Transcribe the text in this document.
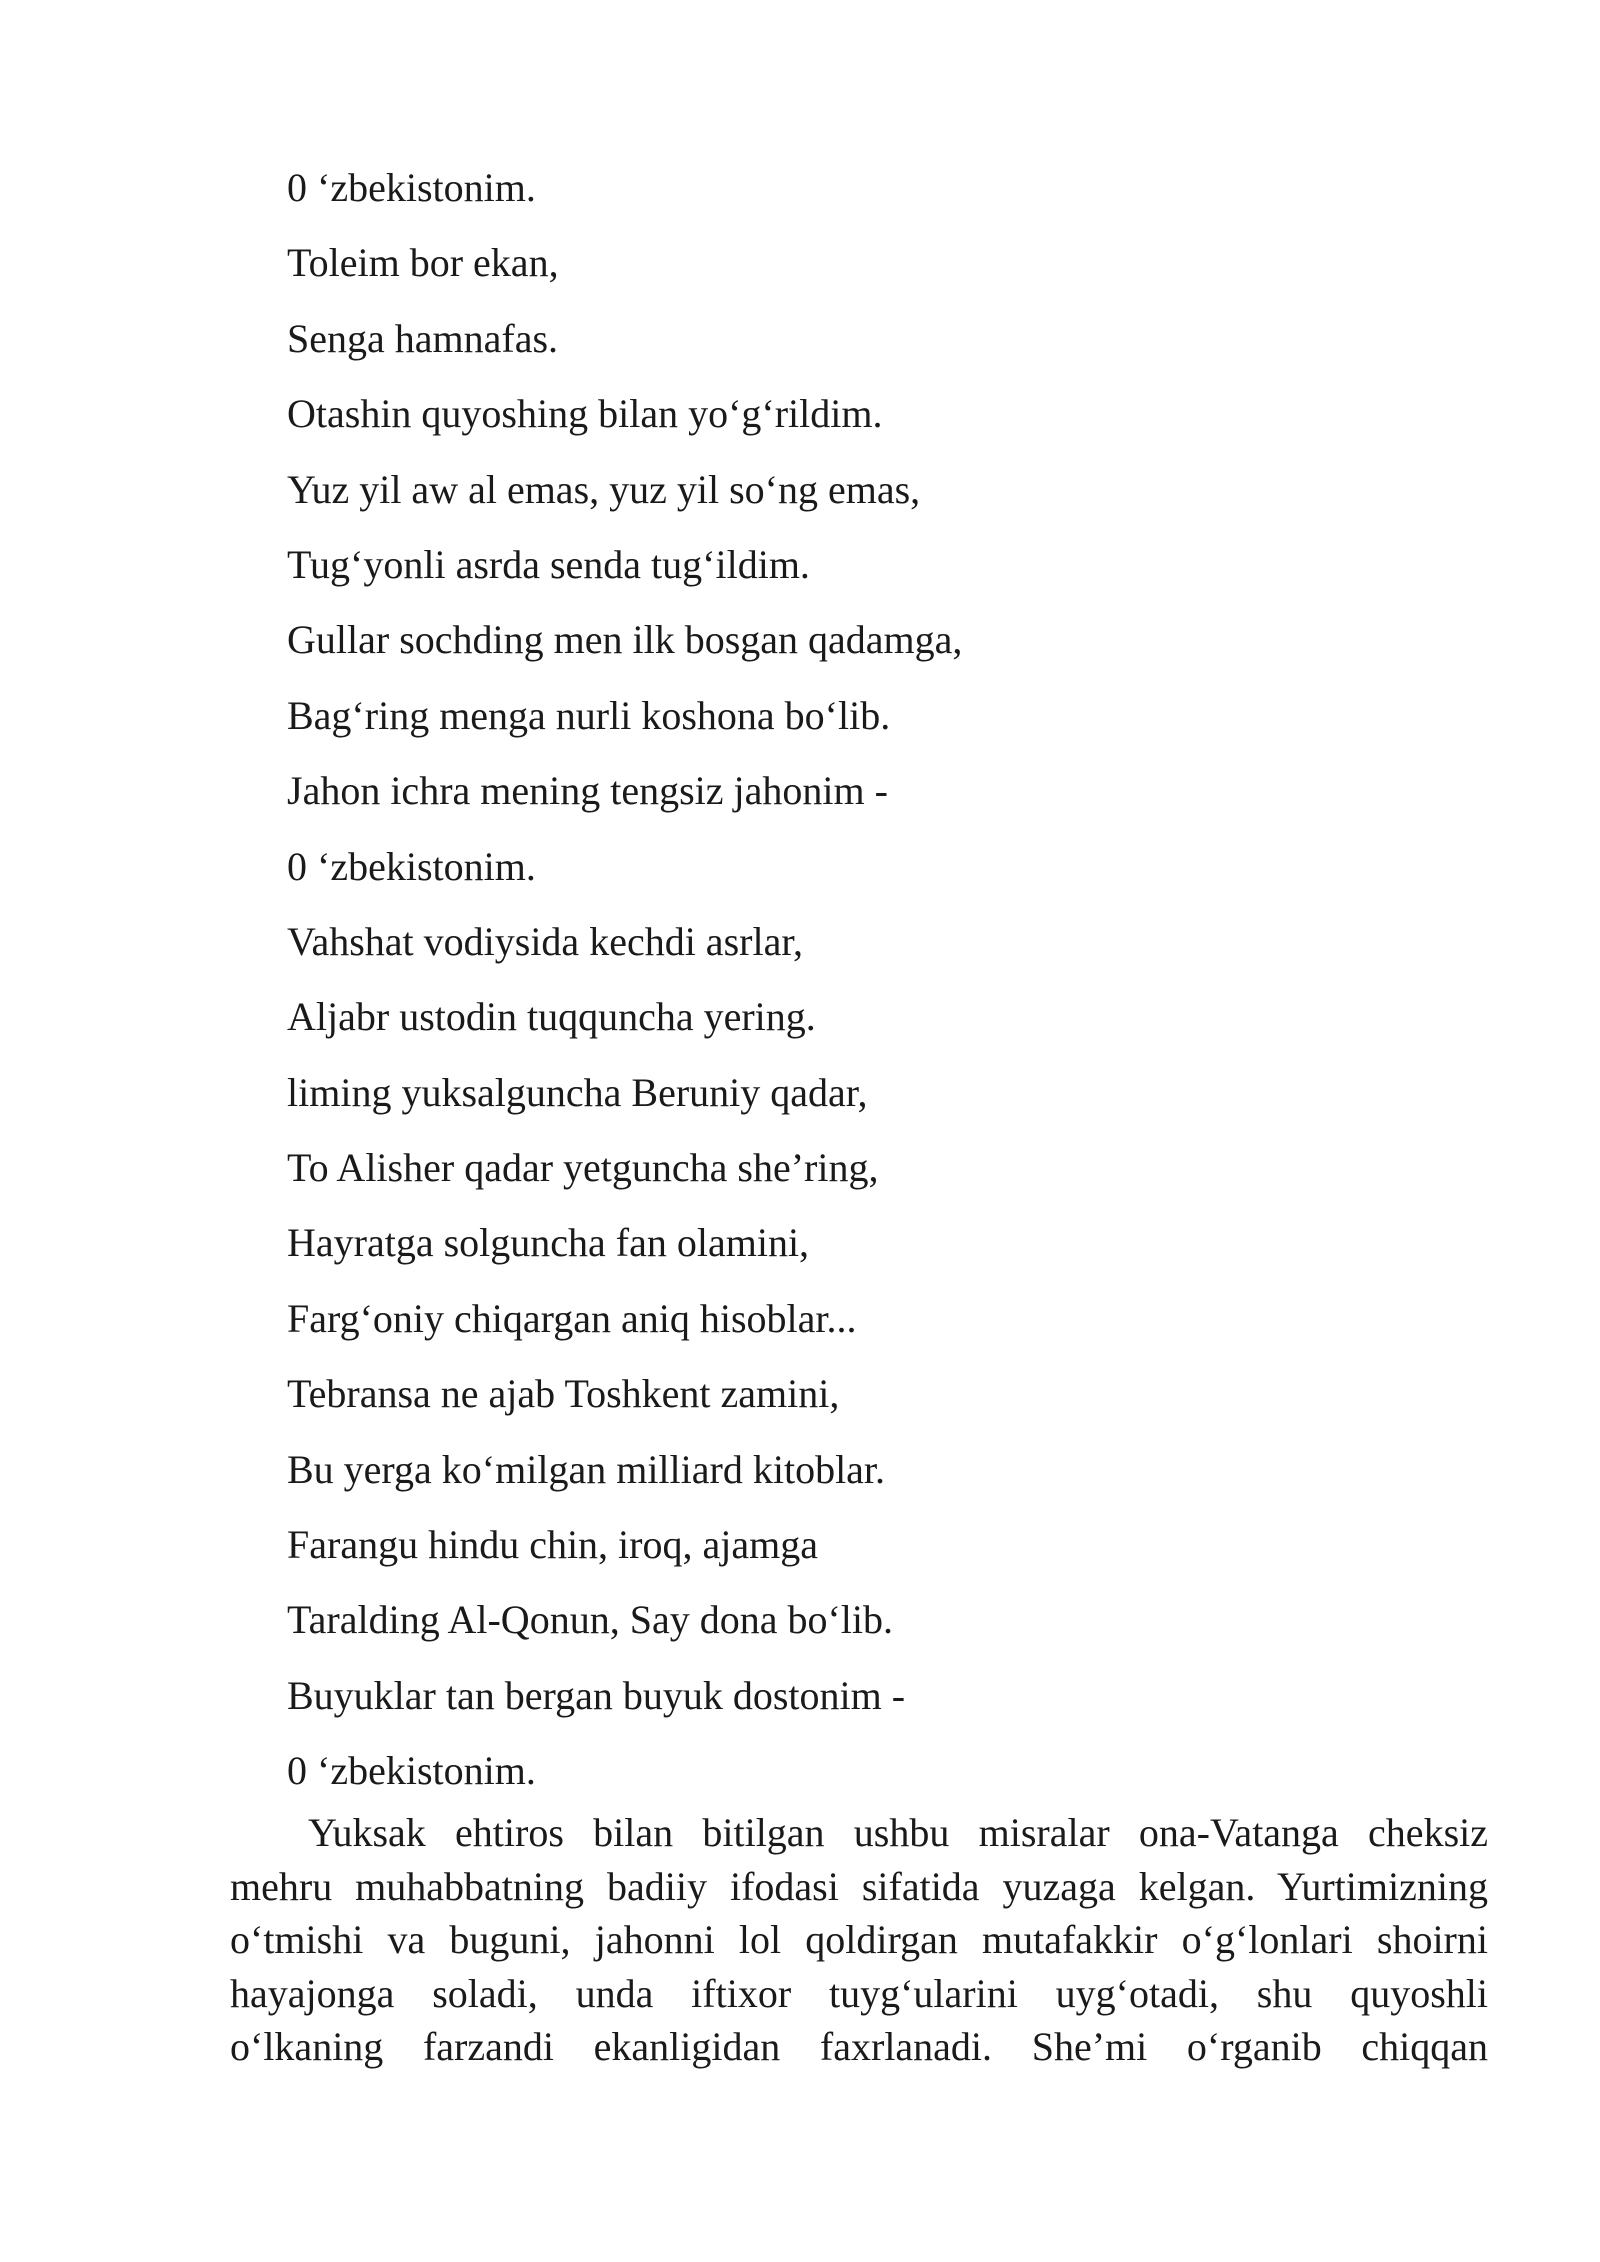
0 ‘zbekistonim.
Toleim bor ekan,
Senga hamnafas.
Otashin quyoshing bilan yo‘g‘rildim.
Yuz yil aw al emas, yuz yil so‘ng emas,
Tug‘yonli asrda senda tug‘ildim.
Gullar sochding men ilk bosgan qadamga,
Bag‘ring menga nurli koshona bo‘lib.
Jahon ichra mening tengsiz jahonim -
0 ‘zbekistonim.
Vahshat vodiysida kechdi asrlar,
Aljabr ustodin tuqquncha yering.
liming yuksalguncha Beruniy qadar,
To Alisher qadar yetguncha she’ring,
Hayratga solguncha fan olamini,
Farg‘oniy chiqargan aniq hisoblar...
Tebransa ne ajab Toshkent zamini,
Bu yerga ko‘milgan milliard kitoblar.
Farangu hindu chin, iroq, ajamga
Taralding Al-Qonun, Say dona bo‘lib.
Buyuklar tan bergan buyuk dostonim -
0 ‘zbekistonim.
Yuksak ehtiros bilan bitilgan ushbu misralar ona-Vatanga cheksiz
mehru muhabbatning badiiy ifodasi sifatida yuzaga kelgan. Yurtimizning
o‘tmishi va buguni, jahonni lol qoldirgan mutafakkir o‘g‘lonlari shoirni
hayajonga soladi, unda iftixor tuyg‘ularini uyg‘otadi, shu quyoshli
o‘lkaning farzandi ekanligidan faxrlanadi. She’mi o‘rganib chiqqan
